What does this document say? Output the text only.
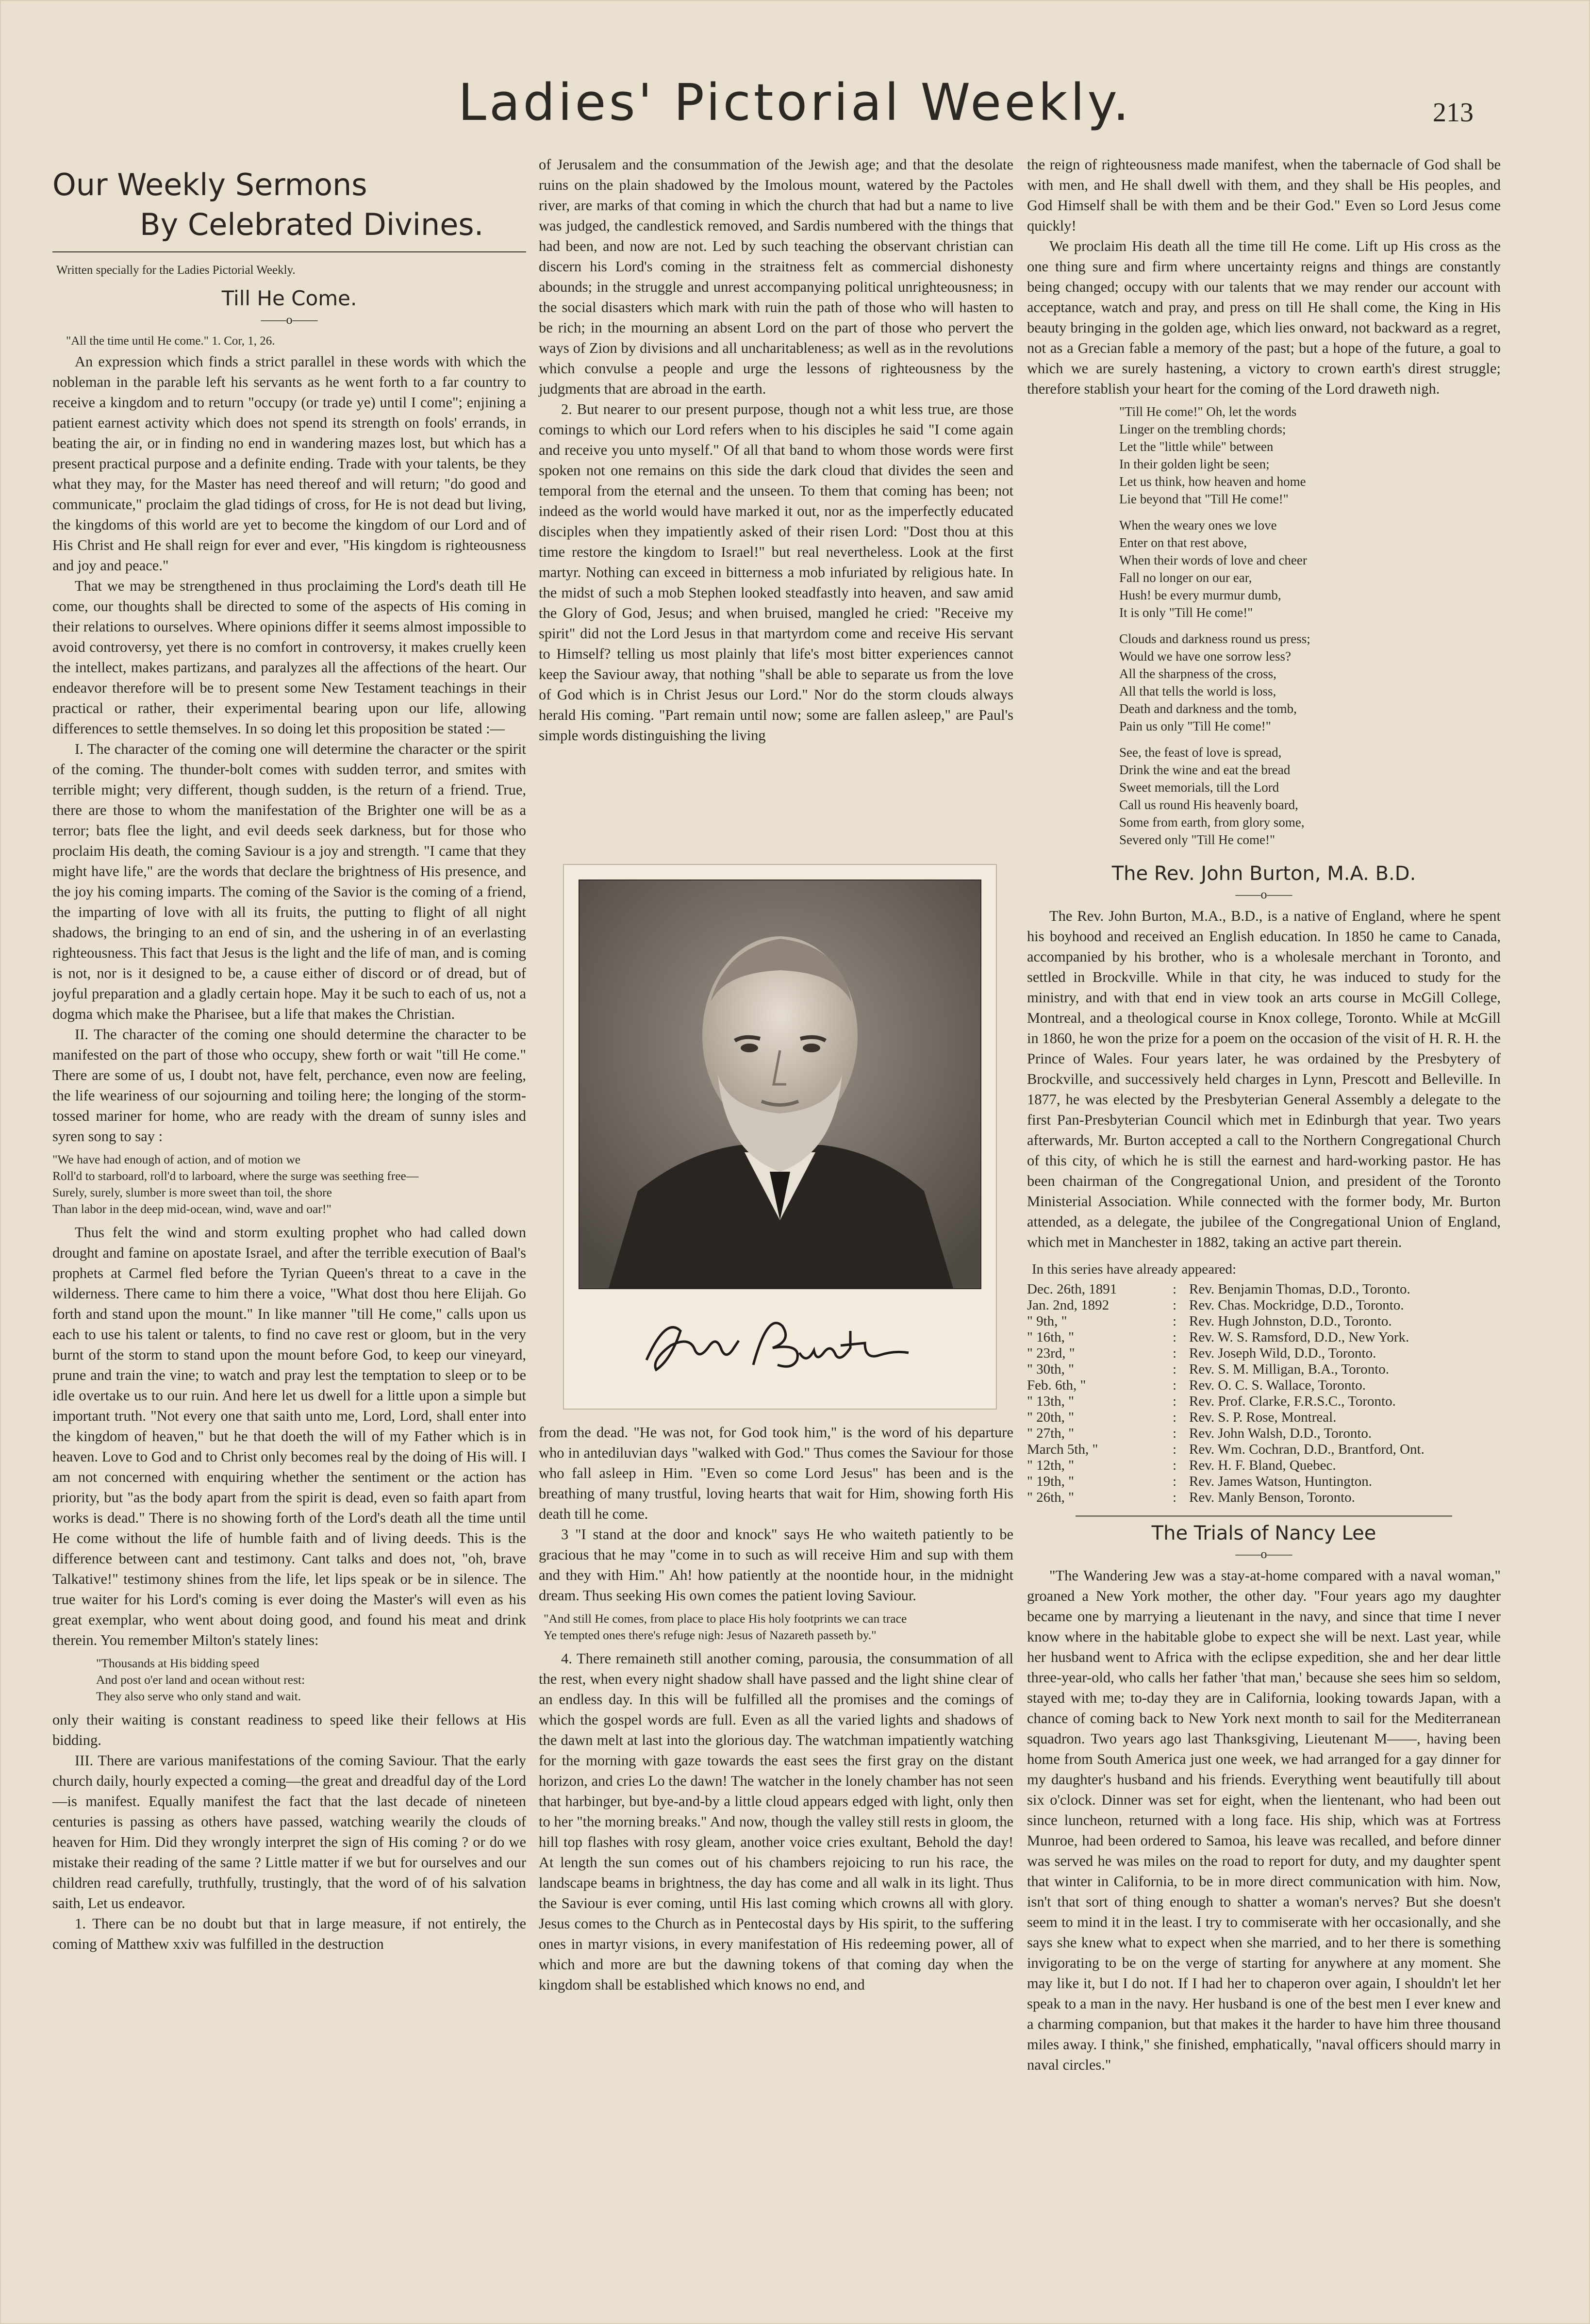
Ladies' Pictorial Weekly.	213
Our Weekly Sermons
By Celebrated Divines.
Written specially for the Ladies Pictorial Weekly.
Till He Come.
——o——
"All the time until He come." 1. Cor, 1, 26.

An expression which finds a strict parallel in these words with which the nobleman in the parable left his servants as he went forth to a far country to receive a kingdom and to return "occupy (or trade ye) until I come"; enjining a patient earnest activity which does not spend its strength on fools' errands, in beating the air, or in finding no end in wandering mazes lost, but which has a present practical purpose and a definite ending. Trade with your talents, be they what they may, for the Master has need thereof and will return; "do good and communicate," proclaim the glad tidings of cross, for He is not dead but living, the kingdoms of this world are yet to become the kingdom of our Lord and of His Christ and He shall reign for ever and ever, "His kingdom is righteousness and joy and peace."

That we may be strengthened in thus proclaiming the Lord's death till He come, our thoughts shall be directed to some of the aspects of His coming in their relations to ourselves. Where opinions differ it seems almost impossible to avoid controversy, yet there is no comfort in controversy, it makes cruelly keen the intellect, makes partizans, and paralyzes all the affections of the heart. Our endeavor therefore will be to present some New Testament teachings in their practical or rather, their experimental bearing upon our life, allowing differences to settle themselves. In so doing let this proposition be stated :—

I. The character of the coming one will determine the character or the spirit of the coming. The thunder-bolt comes with sudden terror, and smites with terrible might; very different, though sudden, is the return of a friend. True, there are those to whom the manifestation of the Brighter one will be as a terror; bats flee the light, and evil deeds seek darkness, but for those who proclaim His death, the coming Saviour is a joy and strength. "I came that they might have life," are the words that declare the brightness of His presence, and the joy his coming imparts. The coming of the Savior is the coming of a friend, the imparting of love with all its fruits, the putting to flight of all night shadows, the bringing to an end of sin, and the ushering in of an everlasting righteousness. This fact that Jesus is the light and the life of man, and is coming is not, nor is it designed to be, a cause either of discord or of dread, but of joyful preparation and a gladly certain hope. May it be such to each of us, not a dogma which make the Pharisee, but a life that makes the Christian.

II. The character of the coming one should determine the character to be manifested on the part of those who occupy, shew forth or wait "till He come." There are some of us, I doubt not, have felt, perchance, even now are feeling, the life weariness of our sojourning and toiling here; the longing of the storm-tossed mariner for home, who are ready with the dream of sunny isles and syren song to say :

"We have had enough of action, and of motion we
Roll'd to starboard, roll'd to larboard, where the surge was seething free—
Surely, surely, slumber is more sweet than toil, the shore
Than labor in the deep mid-ocean, wind, wave and oar!"

Thus felt the wind and storm exulting prophet who had called down drought and famine on apostate Israel, and after the terrible execution of Baal's prophets at Carmel fled before the Tyrian Queen's threat to a cave in the wilderness. There came to him there a voice, "What dost thou here Elijah. Go forth and stand upon the mount." In like manner "till He come," calls upon us each to use his talent or talents, to find no cave rest or gloom, but in the very burnt of the storm to stand upon the mount before God, to keep our vineyard, prune and train the vine; to watch and pray lest the temptation to sleep or to be idle overtake us to our ruin. And here let us dwell for a little upon a simple but important truth. "Not every one that saith unto me, Lord, Lord, shall enter into the kingdom of heaven," but he that doeth the will of my Father which is in heaven. Love to God and to Christ only becomes real by the doing of His will. I am not concerned with enquiring whether the sentiment or the action has priority, but "as the body apart from the spirit is dead, even so faith apart from works is dead." There is no showing forth of the Lord's death all the time until He come without the life of humble faith and of living deeds. This is the difference between cant and testimony. Cant talks and does not, "oh, brave Talkative!" testimony shines from the life, let lips speak or be in silence. The true waiter for his Lord's coming is ever doing the Master's will even as his great exemplar, who went about doing good, and found his meat and drink therein. You remember Milton's stately lines:

"Thousands at His bidding speed
And post o'er land and ocean without rest:
They also serve who only stand and wait.

only their waiting is constant readiness to speed like their fellows at His bidding.

III. There are various manifestations of the coming Saviour. That the early church daily, hourly expected a coming—the great and dreadful day of the Lord—is manifest. Equally manifest the fact that the last decade of nineteen centuries is passing as others have passed, watching wearily the clouds of heaven for Him. Did they wrongly interpret the sign of His coming ? or do we mistake their reading of the same ? Little matter if we but for ourselves and our children read carefully, truthfully, trustingly, that the word of of his salvation saith, Let us endeavor.

1. There can be no doubt but that in large measure, if not entirely, the coming of Matthew xxiv was fulfilled in the destruction

of Jerusalem and the consummation of the Jewish age; and that the desolate ruins on the plain shadowed by the Imolous mount, watered by the Pactoles river, are marks of that coming in which the church that had but a name to live was judged, the candlestick removed, and Sardis numbered with the things that had been, and now are not. Led by such teaching the observant christian can discern his Lord's coming in the straitness felt as commercial dishonesty abounds; in the struggle and unrest accompanying political unrighteousness; in the social disasters which mark with ruin the path of those who will hasten to be rich; in the mourning an absent Lord on the part of those who pervert the ways of Zion by divisions and all uncharitableness; as well as in the revolutions which convulse a people and urge the lessons of righteousness by the judgments that are abroad in the earth.

2. But nearer to our present purpose, though not a whit less true, are those comings to which our Lord refers when to his disciples he said "I come again and receive you unto myself." Of all that band to whom those words were first spoken not one remains on this side the dark cloud that divides the seen and temporal from the eternal and the unseen. To them that coming has been; not indeed as the world would have marked it out, nor as the imperfectly educated disciples when they impatiently asked of their risen Lord: "Dost thou at this time restore the kingdom to Israel!" but real nevertheless. Look at the first martyr. Nothing can exceed in bitterness a mob infuriated by religious hate. In the midst of such a mob Stephen looked steadfastly into heaven, and saw amid the Glory of God, Jesus; and when bruised, mangled he cried: "Receive my spirit" did not the Lord Jesus in that martyrdom come and receive His servant to Himself? telling us most plainly that life's most bitter experiences cannot keep the Saviour away, that nothing "shall be able to separate us from the love of God which is in Christ Jesus our Lord." Nor do the storm clouds always herald His coming. "Part remain until now; some are fallen asleep," are Paul's simple words distinguishing the living

from the dead. "He was not, for God took him," is the word of his departure who in antediluvian days "walked with God." Thus comes the Saviour for those who fall asleep in Him. "Even so come Lord Jesus" has been and is the breathing of many trustful, loving hearts that wait for Him, showing forth His death till he come.

3 "I stand at the door and knock" says He who waiteth patiently to be gracious that he may "come in to such as will receive Him and sup with them and they with Him." Ah! how patiently at the noontide hour, in the midnight dream. Thus seeking His own comes the patient loving Saviour.

"And still He comes, from place to place His holy footprints we can trace
Ye tempted ones there's refuge nigh: Jesus of Nazareth passeth by."

4. There remaineth still another coming, parousia, the consummation of all the rest, when every night shadow shall have passed and the light shine clear of an endless day. In this will be fulfilled all the promises and the comings of which the gospel words are full. Even as all the varied lights and shadows of the dawn melt at last into the glorious day. The watchman impatiently watching for the morning with gaze towards the east sees the first gray on the distant horizon, and cries Lo the dawn! The watcher in the lonely chamber has not seen that harbinger, but bye-and-by a little cloud appears edged with light, only then to her "the morning breaks." And now, though the valley still rests in gloom, the hill top flashes with rosy gleam, another voice cries exultant, Behold the day! At length the sun comes out of his chambers rejoicing to run his race, the landscape beams in brightness, the day has come and all walk in its light. Thus the Saviour is ever coming, until His last coming which crowns all with glory. Jesus comes to the Church as in Pentecostal days by His spirit, to the suffering ones in martyr visions, in every manifestation of His redeeming power, all of which and more are but the dawning tokens of that coming day when the kingdom shall be established which knows no end, and

the reign of righteousness made manifest, when the tabernacle of God shall be with men, and He shall dwell with them, and they shall be His peoples, and God Himself shall be with them and be their God." Even so Lord Jesus come quickly!

We proclaim His death all the time till He come. Lift up His cross as the one thing sure and firm where uncertainty reigns and things are constantly being changed; occupy with our talents that we may render our account with acceptance, watch and pray, and press on till He shall come, the King in His beauty bringing in the golden age, which lies onward, not backward as a regret, not as a Grecian fable a memory of the past; but a hope of the future, a goal to which we are surely hastening, a victory to crown earth's direst struggle; therefore stablish your heart for the coming of the Lord draweth nigh.

"Till He come!" Oh, let the words
Linger on the trembling chords;
Let the "little while" between
In their golden light be seen;
Let us think, how heaven and home
Lie beyond that "Till He come!"
When the weary ones we love
Enter on that rest above,
When their words of love and cheer
Fall no longer on our ear,
Hush! be every murmur dumb,
It is only "Till He come!"
Clouds and darkness round us press;
Would we have one sorrow less?
All the sharpness of the cross,
All that tells the world is loss,
Death and darkness and the tomb,
Pain us only "Till He come!"
See, the feast of love is spread,
Drink the wine and eat the bread
Sweet memorials, till the Lord
Call us round His heavenly board,
Some from earth, from glory some,
Severed only "Till He come!"
The Rev. John Burton, M.A. B.D.
——o——

The Rev. John Burton, M.A., B.D., is a native of England, where he spent his boyhood and received an English education. In 1850 he came to Canada, accompanied by his brother, who is a wholesale merchant in Toronto, and settled in Brockville. While in that city, he was induced to study for the ministry, and with that end in view took an arts course in McGill College, Montreal, and a theological course in Knox college, Toronto. While at McGill in 1860, he won the prize for a poem on the occasion of the visit of H. R. H. the Prince of Wales. Four years later, he was ordained by the Presbytery of Brockville, and successively held charges in Lynn, Prescott and Belleville. In 1877, he was elected by the Presbyterian General Assembly a delegate to the first Pan-Presbyterian Council which met in Edinburgh that year. Two years afterwards, Mr. Burton accepted a call to the Northern Congregational Church of this city, of which he is still the earnest and hard-working pastor. He has been chairman of the Congregational Union, and president of the Toronto Ministerial Association. While connected with the former body, Mr. Burton attended, as a delegate, the jubilee of the Congregational Union of England, which met in Manchester in 1882, taking an active part therein.

In this series have already appeared:
Dec. 26th, 1891	: Rev. Benjamin Thomas, D.D., Toronto.
Jan. 2nd, 1892	: Rev. Chas. Mockridge, D.D., Toronto.
" 9th, "	: Rev. Hugh Johnston, D.D., Toronto.
" 16th, "	: Rev. W. S. Ramsford, D.D., New York.
" 23rd, "	: Rev. Joseph Wild, D.D., Toronto.
" 30th, "	: Rev. S. M. Milligan, B.A., Toronto.
Feb. 6th, "	: Rev. O. C. S. Wallace, Toronto.
" 13th, "	: Rev. Prof. Clarke, F.R.S.C., Toronto.
" 20th, "	: Rev. S. P. Rose, Montreal.
" 27th, "	: Rev. John Walsh, D.D., Toronto.
March 5th, "	: Rev. Wm. Cochran, D.D., Brantford, Ont.
" 12th, "	: Rev. H. F. Bland, Quebec.
" 19th, "	: Rev. James Watson, Huntington.
" 26th, "	: Rev. Manly Benson, Toronto.
The Trials of Nancy Lee
——o——

"The Wandering Jew was a stay-at-home compared with a naval woman," groaned a New York mother, the other day. "Four years ago my daughter became one by marrying a lieutenant in the navy, and since that time I never know where in the habitable globe to expect she will be next. Last year, while her husband went to Africa with the eclipse expedition, she and her dear little three-year-old, who calls her father 'that man,' because she sees him so seldom, stayed with me; to-day they are in California, looking towards Japan, with a chance of coming back to New York next month to sail for the Mediterranean squadron. Two years ago last Thanksgiving, Lieutenant M——, having been home from South America just one week, we had arranged for a gay dinner for my daughter's husband and his friends. Everything went beautifully till about six o'clock. Dinner was set for eight, when the lientenant, who had been out since luncheon, returned with a long face. His ship, which was at Fortress Munroe, had been ordered to Samoa, his leave was recalled, and before dinner was served he was miles on the road to report for duty, and my daughter spent that winter in California, to be in more direct communication with him. Now, isn't that sort of thing enough to shatter a woman's nerves? But she doesn't seem to mind it in the least. I try to commiserate with her occasionally, and she says she knew what to expect when she married, and to her there is something invigorating to be on the verge of starting for anywhere at any moment. She may like it, but I do not. If I had her to chaperon over again, I shouldn't let her speak to a man in the navy. Her husband is one of the best men I ever knew and a charming companion, but that makes it the harder to have him three thousand miles away. I think," she finished, emphatically, "naval officers should marry in naval circles."
